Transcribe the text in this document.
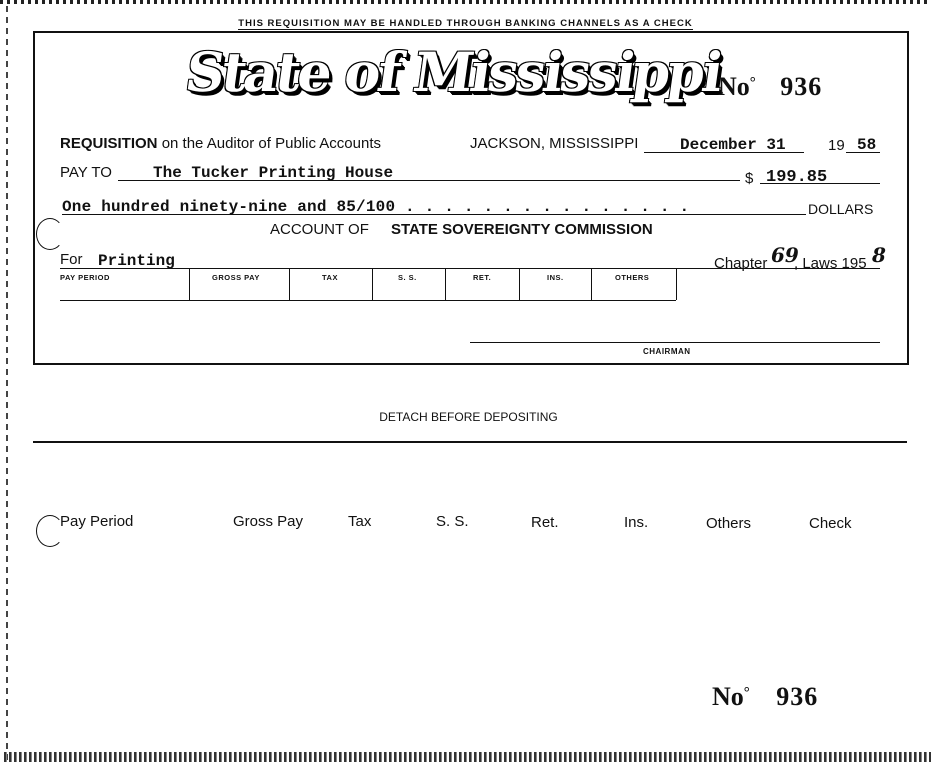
THIS REQUISITION MAY BE HANDLED THROUGH BANKING CHANNELS AS A CHECK
State of Mississippi
No° 936
REQUISITION on the Auditor of Public Accounts	JACKSON, MISSISSIPPI	December 31	19 58
PAY TO	The Tucker Printing House	$ 199.85
One hundred ninety-nine and 85/100 . . . . . . . . . . . . . . .	DOLLARS
ACCOUNT OF STATE SOVEREIGNTY COMMISSION
For Printing	Chapter 69
, Laws 195 8
PAY PERIOD	GROSS PAY	TAX	S. S.	RET.	INS.	OTHERS
CHAIRMAN
DETACH BEFORE DEPOSITING
Pay Period	Gross Pay	Tax	S. S.	Ret.	Ins.	Others	Check
No° 936
